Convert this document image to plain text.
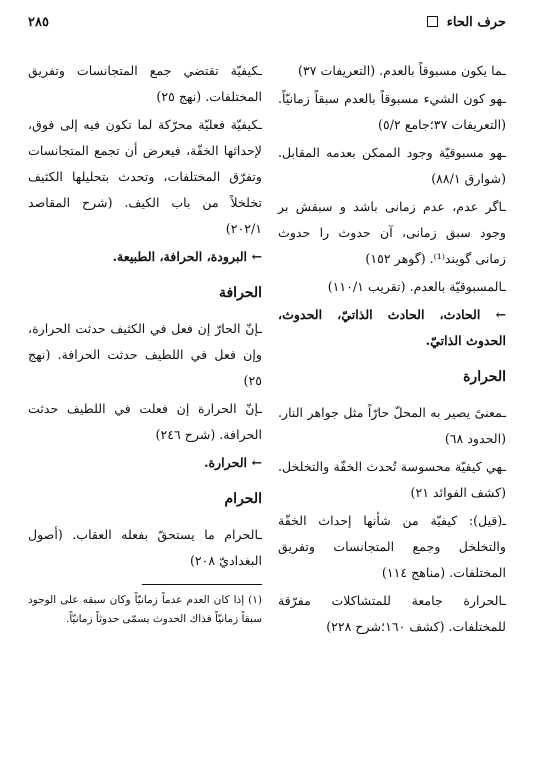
حرف الحاء
٢٨٥

ـما يكون مسبوقاً بالعدم. (التعريفات ٣٧)

ـهو كون الشيء مسبوقاً بالعدم سبقاً زمانيّاً. (التعريفات ٣٧؛جامع ٥/٢)

ـهو مسبوقيّة وجود الممكن بعدمه المقابل. (شوارق ٨٨/١)

ـاگر عدم، عدم زمانى باشد و سبقش بر وجود سبق زمانى، آن حدوث را حدوث زمانى گويند⁽¹⁾. (گوهر ١٥٢)

ـالمسبوقيّة بالعدم. (تقريب ١١٠/١)

← الحادث، الحادث الذاتيّ، الحدوث، الحدوث الذاتيّ.

الحرارة

ـمعنىً يصير به المحلّ حارّاً مثل جواهر النار. (الحدود ٦٨)

ـهي كيفيّة محسوسة تُحدث الخفّة والتخلخل. (كشف الفوائد ٢١)

ـ(قيل): كيفيّة من شأنها إحداث الخفّة والتخلخل وجمع المتجانسات وتفريق المختلفات. (مناهج ١١٤)

ـالحرارة جامعة للمتشاكلات مفرّقة للمختلفات. (كشف ١٦٠؛شرح ٢٢٨)

ـكيفيّة تقتضي جمع المتجانسات وتفريق المختلفات. (نهج ٢٥)

ـكيفيّة فعليّة محرّكة لما تكون فيه إلى فوق، لإحداثها الخفّة، فيعرض أن تجمع المتجانسات وتفرّق المختلفات، وتحدث بتحليلها الكثيف تخلخلاً من باب الكيف. (شرح المقاصد ٢٠٢/١)

← البرودة، الحرافة، الطبيعة.

الحرافة

ـإنّ الحارّ إن فعل في الكثيف حدثت الحرارة، وإن فعل في اللطيف حدثت الحرافة. (نهج ٢٥)

ـإنّ الحرارة إن فعلت في اللطيف حدثت الحرافة. (شرح ٢٤٦)

← الحرارة.

الحرام

ـالحرام ما يستحقّ بفعله العقاب. (أصول البغداديّ ٢٠٨)

(١) إذا كان العدم عدماً زمانيّاً وكان سبقه على الوجود سبقاً زمانيّاً فذاك الحدوث يسمّى حدوثاً زمانيّاً.
